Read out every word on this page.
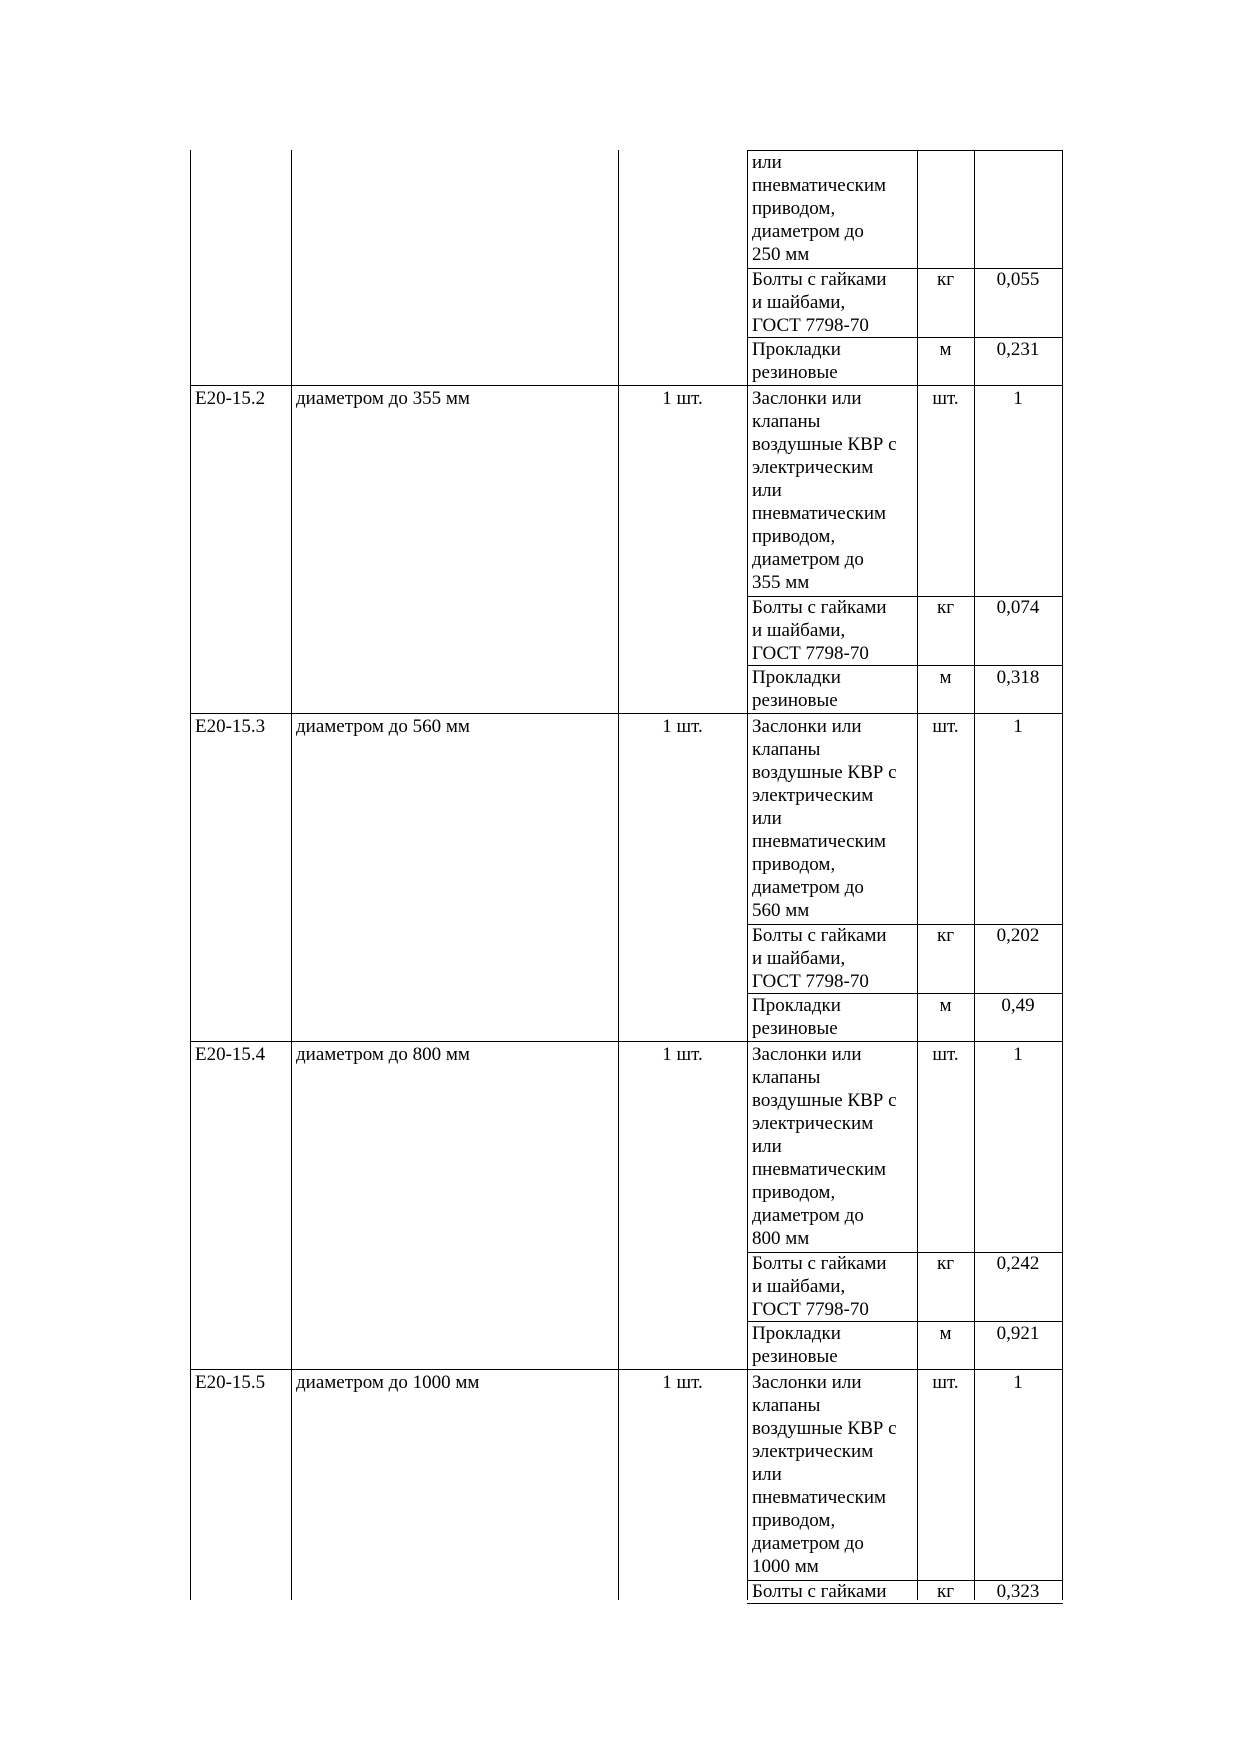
или
пневматическим
приводом,
диаметром до
250 мм
Болты с гайками
и шайбами,
ГОСТ 7798-70
кг	0,055
Прокладки
резиновые
м	0,231
Е20-15.2	диаметром до 355 мм	1 шт.	Заслонки или
клапаны
воздушные КВР с
электрическим
или
пневматическим
приводом,
диаметром до
355 мм
шт.	1
Болты с гайками
и шайбами,
ГОСТ 7798-70
кг	0,074
Прокладки
резиновые
м	0,318
Е20-15.3	диаметром до 560 мм	1 шт.	Заслонки или
клапаны
воздушные КВР с
электрическим
или
пневматическим
приводом,
диаметром до
560 мм
шт.	1
Болты с гайками
и шайбами,
ГОСТ 7798-70
кг	0,202
Прокладки
резиновые
м	0,49
Е20-15.4	диаметром до 800 мм	1 шт.	Заслонки или
клапаны
воздушные КВР с
электрическим
или
пневматическим
приводом,
диаметром до
800 мм
шт.	1
Болты с гайками
и шайбами,
ГОСТ 7798-70
кг	0,242
Прокладки
резиновые
м	0,921
Е20-15.5	диаметром до 1000 мм	1 шт.	Заслонки или
клапаны
воздушные КВР с
электрическим
или
пневматическим
приводом,
диаметром до
1000 мм
шт.	1
Болты с гайками	кг	0,323
